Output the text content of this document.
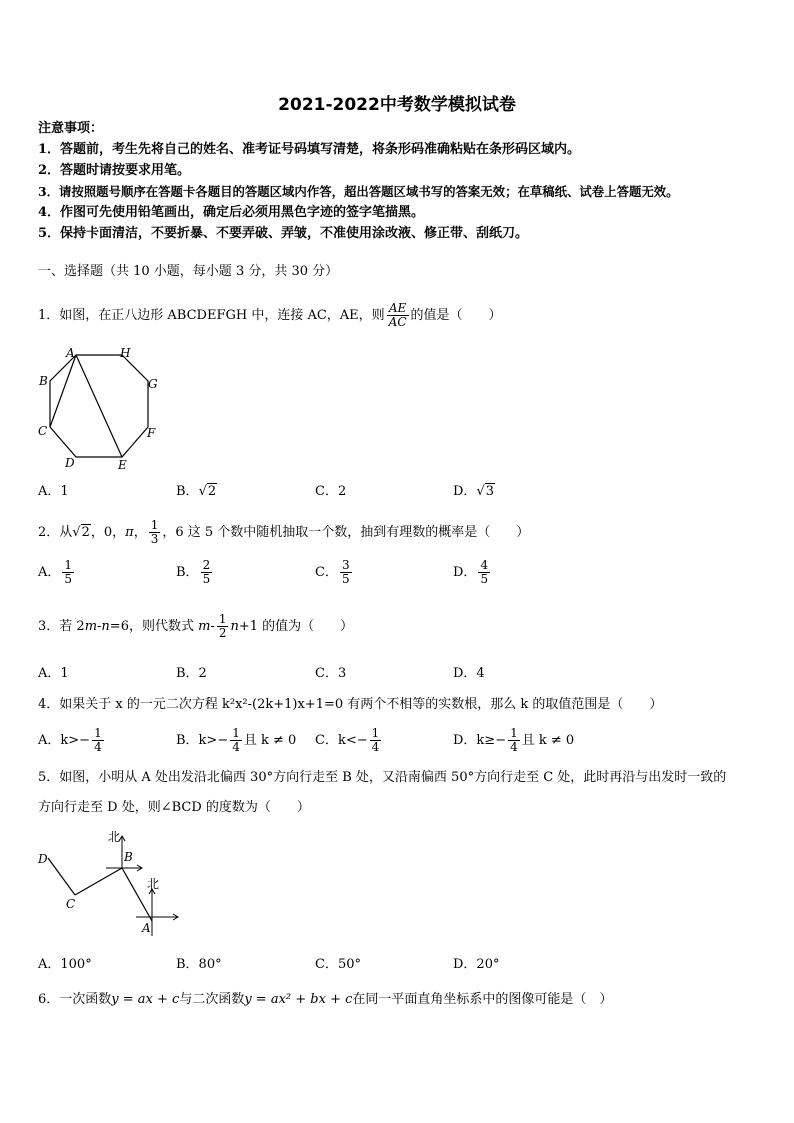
2021-2022中考数学模拟试卷
注意事项：
1．答题前，考生先将自己的姓名、准考证号码填写清楚，将条形码准确粘贴在条形码区域内。
2．答题时请按要求用笔。
3．请按照题号顺序在答题卡各题目的答题区域内作答，超出答题区域书写的答案无效；在草稿纸、试卷上答题无效。
4．作图可先使用铅笔画出，确定后必须用黑色字迹的签字笔描黑。
5．保持卡面清洁，不要折暴、不要弄破、弄皱，不准使用涂改液、修正带、刮纸刀。
一、选择题（共 10 小题，每小题 3 分，共 30 分）
1．如图，在正八边形 ABCDEFGH 中，连接 AC，AE，则 $\frac{AE}{AC}$ 的值是（　　）
A	H
G
F
E
D
C
B
A．1	B．√2	C．2	D．√3
2．从√2，0，π， $\frac{1}{3}$ ，6 这 5 个数中随机抽取一个数，抽到有理数的概率是（　　）
A． $\frac{1}{5}$	B． $\frac{2}{5}$	C． $\frac{3}{5}$	D． $\frac{4}{5}$
3．若 2m-n=6，则代数式 $m- \frac{1}{2} n+1$ 的值为（　　）
A．1	B．2	C．3	D．4
4．如果关于 x 的一元二次方程 k²x²-(2k+1)x+1=0 有两个不相等的实数根，那么 k 的取值范围是（　　）
A．$k>- \frac{1}{4}$	B．$k>- \frac{1}{4}$ 且 k ≠ 0 C．$k<- \frac{1}{4}$	D．$k\ge- \frac{1}{4}$ 且 k ≠ 0
5．如图，小明从 A 处出发沿北偏西 30°方向行走至 B 处，又沿南偏西 50°方向行走至 C 处，此时再沿与出发时一致的
方向行走至 D 处，则∠BCD 的度数为（　　）
北
北
B
A
C
D
A．100°	B．80°	C．50°	D．20°
6．一次函数y = ax + c与二次函数y = ax² + bx + c在同一平面直角坐标系中的图像可能是（　）
